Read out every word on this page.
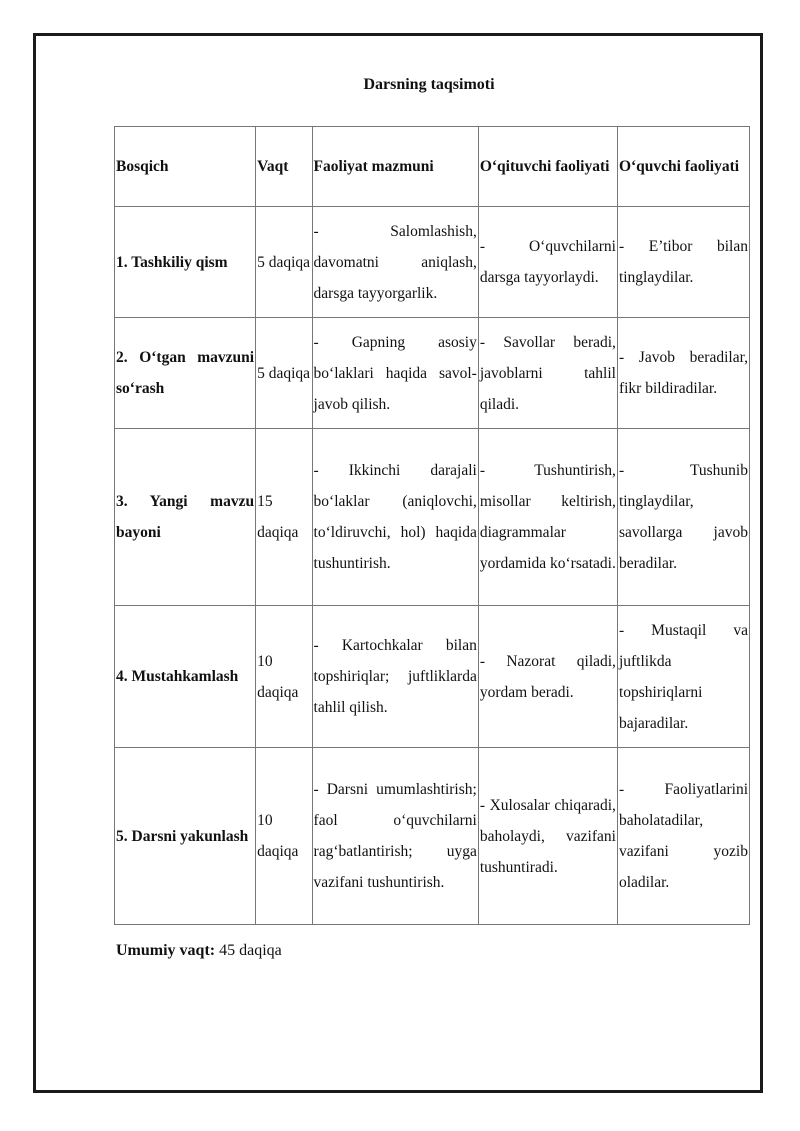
Darsning taqsimoti
Bosqich	Vaqt	Faoliyat mazmuni	O‘qituvchi faoliyati	O‘quvchi faoliyati
1. Tashkiliy qism	5 daqiqa	- Salomlashish, davomatni aniqlash, darsga tayyorgarlik.	- O‘quvchilarni darsga tayyorlaydi.	- E’tibor bilan tinglaydilar.
2. O‘tgan mavzuni so‘rash	5 daqiqa	- Gapning asosiy bo‘laklari haqida savol-javob qilish.	- Savollar beradi, javoblarni tahlil qiladi.	- Javob beradilar, fikr bildiradilar.
3. Yangi mavzu bayoni	15 daqiqa	- Ikkinchi darajali bo‘laklar (aniqlovchi, to‘ldiruvchi, hol) haqida tushuntirish.	- Tushuntirish, misollar keltirish, diagrammalar yordamida ko‘rsatadi.	- Tushunib tinglaydilar, savollarga javob beradilar.
4. Mustahkamlash	10 daqiqa	- Kartochkalar bilan topshiriqlar; juftliklarda tahlil qilish.	- Nazorat qiladi, yordam beradi.	- Mustaqil va juftlikda topshiriqlarni bajaradilar.
5. Darsni yakunlash	10 daqiqa	- Darsni umumlashtirish; faol o‘quvchilarni rag‘batlantirish; uyga vazifani tushuntirish.	- Xulosalar chiqaradi, baholaydi, vazifani tushuntiradi.	- Faoliyatlarini baholatadilar, vazifani yozib oladilar.
Umumiy vaqt: 45 daqiqa
